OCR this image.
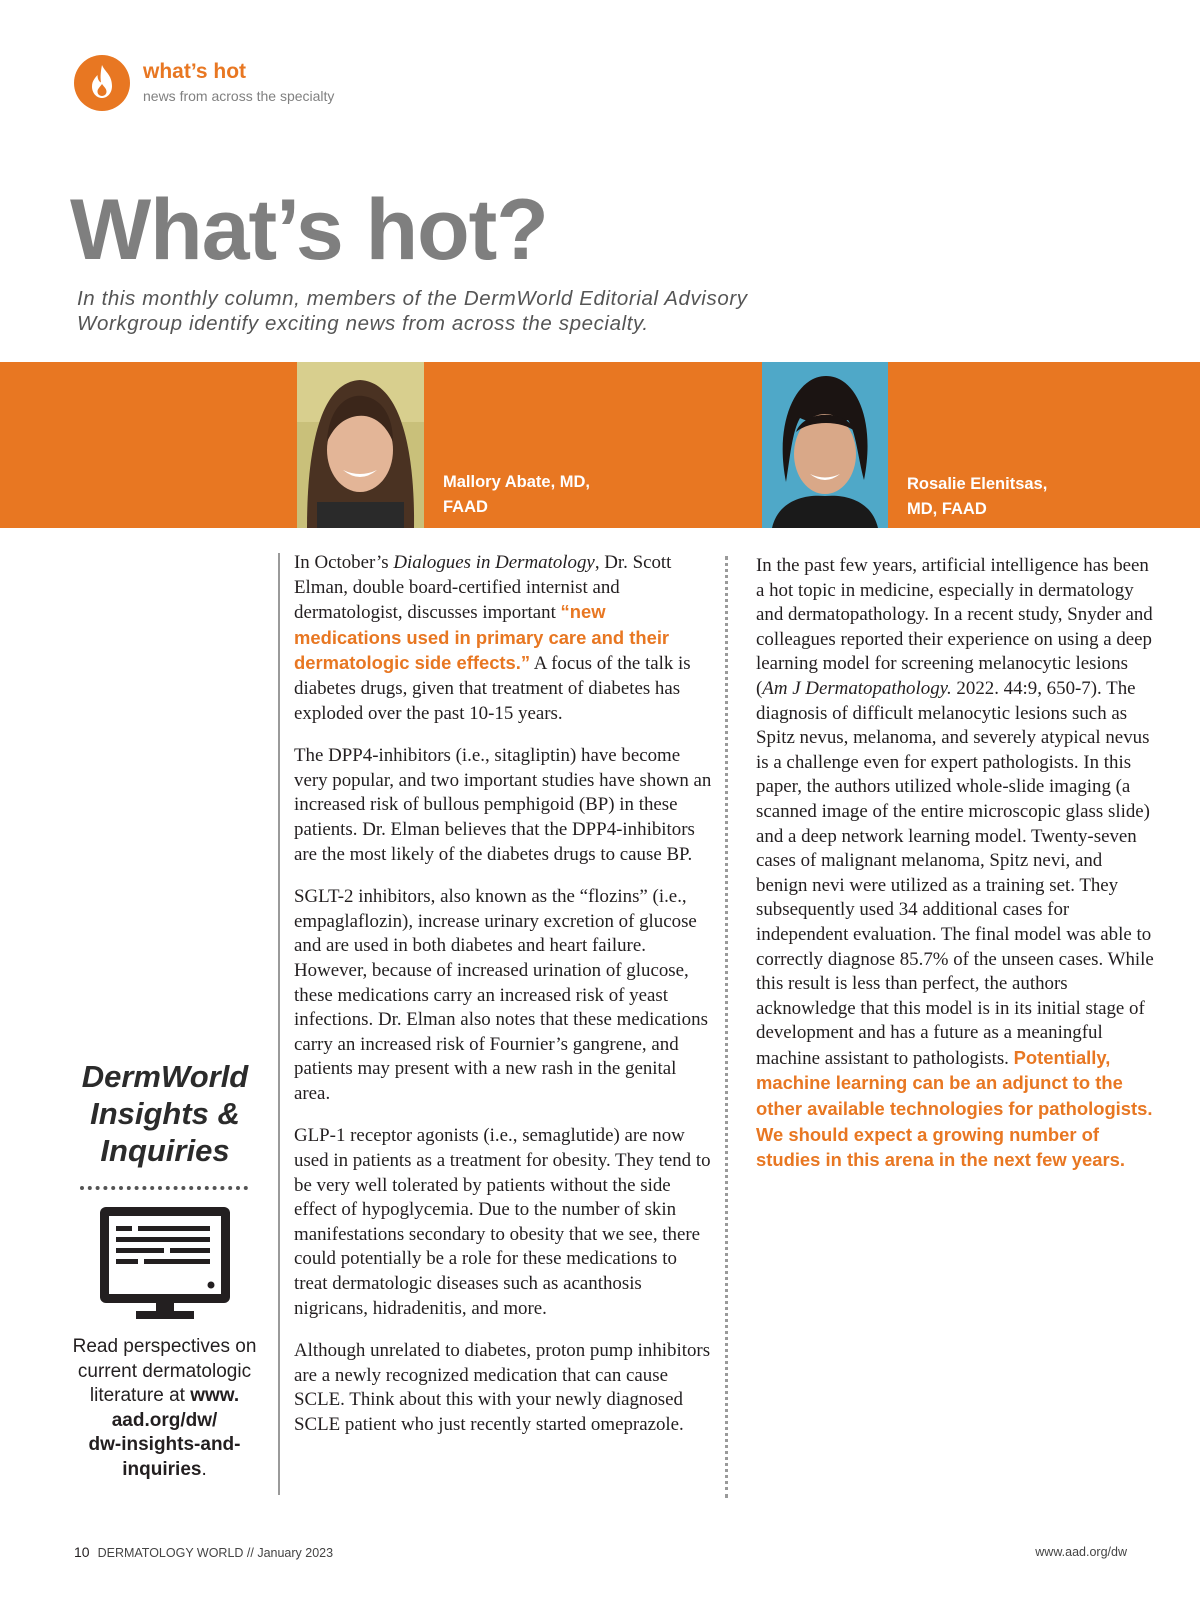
what’s hot
news from across the specialty
What’s hot?

In this monthly column, members of the DermWorld Editorial Advisory Workgroup identify exciting news from across the specialty.

Mallory Abate, MD,
FAAD
Rosalie Elenitsas,
MD, FAAD

In October’s Dialogues in Dermatology, Dr. Scott Elman, double board-certified internist and dermatologist, discusses important “new medications used in primary care and their dermatologic side effects.” A focus of the talk is diabetes drugs, given that treatment of diabetes has exploded over the past 10-15 years.

The DPP4-inhibitors (i.e., sitagliptin) have become very popular, and two important studies have shown an increased risk of bullous pemphigoid (BP) in these patients. Dr. Elman believes that the DPP4-inhibitors are the most likely of the diabetes drugs to cause BP.

SGLT-2 inhibitors, also known as the “flozins” (i.e., empaglaflozin), increase urinary excretion of glucose and are used in both diabetes and heart failure. However, because of increased urination of glucose, these medications carry an increased risk of yeast infections. Dr. Elman also notes that these medications carry an increased risk of Fournier’s gangrene, and patients may present with a new rash in the genital area.

GLP-1 receptor agonists (i.e., semaglutide) are now used in patients as a treatment for obesity. They tend to be very well tolerated by patients without the side effect of hypoglycemia. Due to the number of skin manifestations secondary to obesity that we see, there could potentially be a role for these medications to treat dermatologic diseases such as acanthosis nigricans, hidradenitis, and more.

Although unrelated to diabetes, proton pump inhibitors are a newly recognized medication that can cause SCLE. Think about this with your newly diagnosed SCLE patient who just recently started omeprazole.

In the past few years, artificial intelligence has been a hot topic in medicine, especially in dermatology and dermatopathology. In a recent study, Snyder and colleagues reported their experience on using a deep learning model for screening melanocytic lesions (Am J Dermatopathology. 2022. 44:9, 650-7). The diagnosis of difficult melanocytic lesions such as Spitz nevus, melanoma, and severely atypical nevus is a challenge even for expert pathologists. In this paper, the authors utilized whole-slide imaging (a scanned image of the entire microscopic glass slide) and a deep network learning model. Twenty-seven cases of malignant melanoma, Spitz nevi, and benign nevi were utilized as a training set. They subsequently used 34 additional cases for independent evaluation. The final model was able to correctly diagnose 85.7% of the unseen cases. While this result is less than perfect, the authors acknowledge that this model is in its initial stage of development and has a future as a meaningful machine assistant to pathologists. Potentially, machine learning can be an adjunct to the other available technologies for pathologists. We should expect a growing number of studies in this arena in the next few years.

DermWorld
Insights &
Inquiries
Read perspectives on current dermatologic literature at www.
aad.org/dw/
dw-insights-and-
inquiries.
10 DERMATOLOGY WORLD // January 2023	www.aad.org/dw
